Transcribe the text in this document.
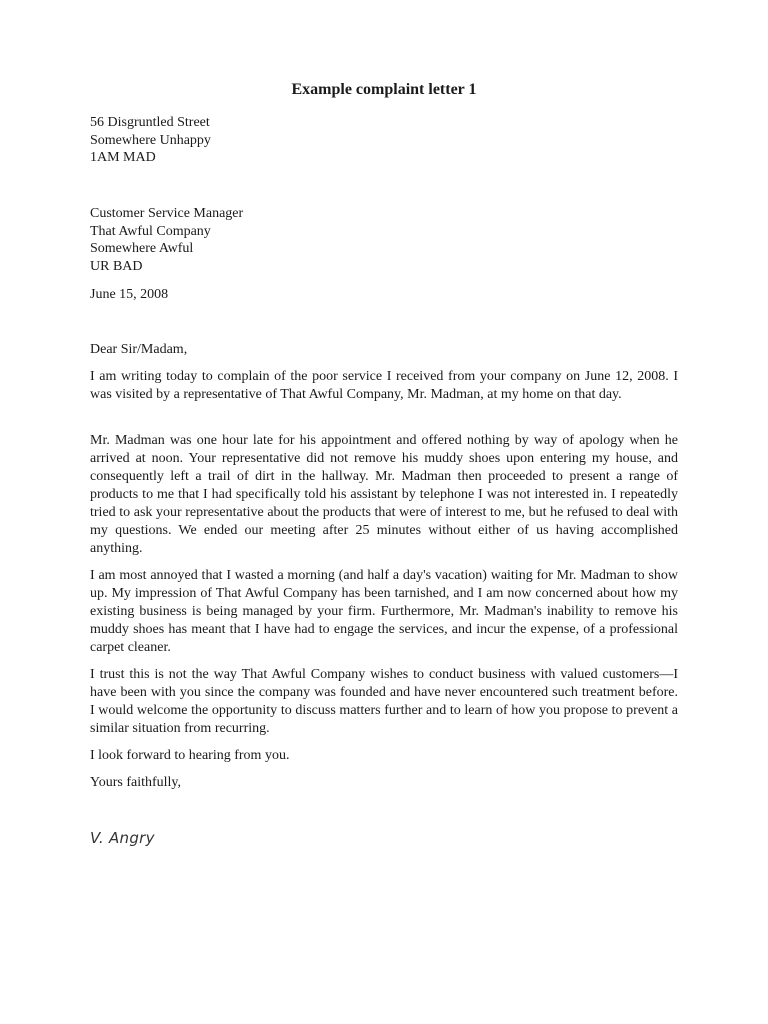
Example complaint letter 1
56 Disgruntled Street
Somewhere Unhappy
1AM MAD
Customer Service Manager
That Awful Company
Somewhere Awful
UR BAD
June 15, 2008
Dear Sir/Madam,

I am writing today to complain of the poor service I received from your company on June 12, 2008. I was visited by a representative of That Awful Company, Mr. Madman, at my home on that day.

Mr. Madman was one hour late for his appointment and offered nothing by way of apology when he arrived at noon. Your representative did not remove his muddy shoes upon entering my house, and consequently left a trail of dirt in the hallway. Mr. Madman then proceeded to present a range of products to me that I had specifically told his assistant by telephone I was not interested in. I repeatedly tried to ask your representative about the products that were of interest to me, but he refused to deal with my questions. We ended our meeting after 25 minutes without either of us having accomplished anything.

I am most annoyed that I wasted a morning (and half a day's vacation) waiting for Mr. Madman to show up. My impression of That Awful Company has been tarnished, and I am now concerned about how my existing business is being managed by your firm. Furthermore, Mr. Madman's inability to remove his muddy shoes has meant that I have had to engage the services, and incur the expense, of a professional carpet cleaner.

I trust this is not the way That Awful Company wishes to conduct business with valued customers—I have been with you since the company was founded and have never encountered such treatment before. I would welcome the opportunity to discuss matters further and to learn of how you propose to prevent a similar situation from recurring.

I look forward to hearing from you.
Yours faithfully,
V. Angry
